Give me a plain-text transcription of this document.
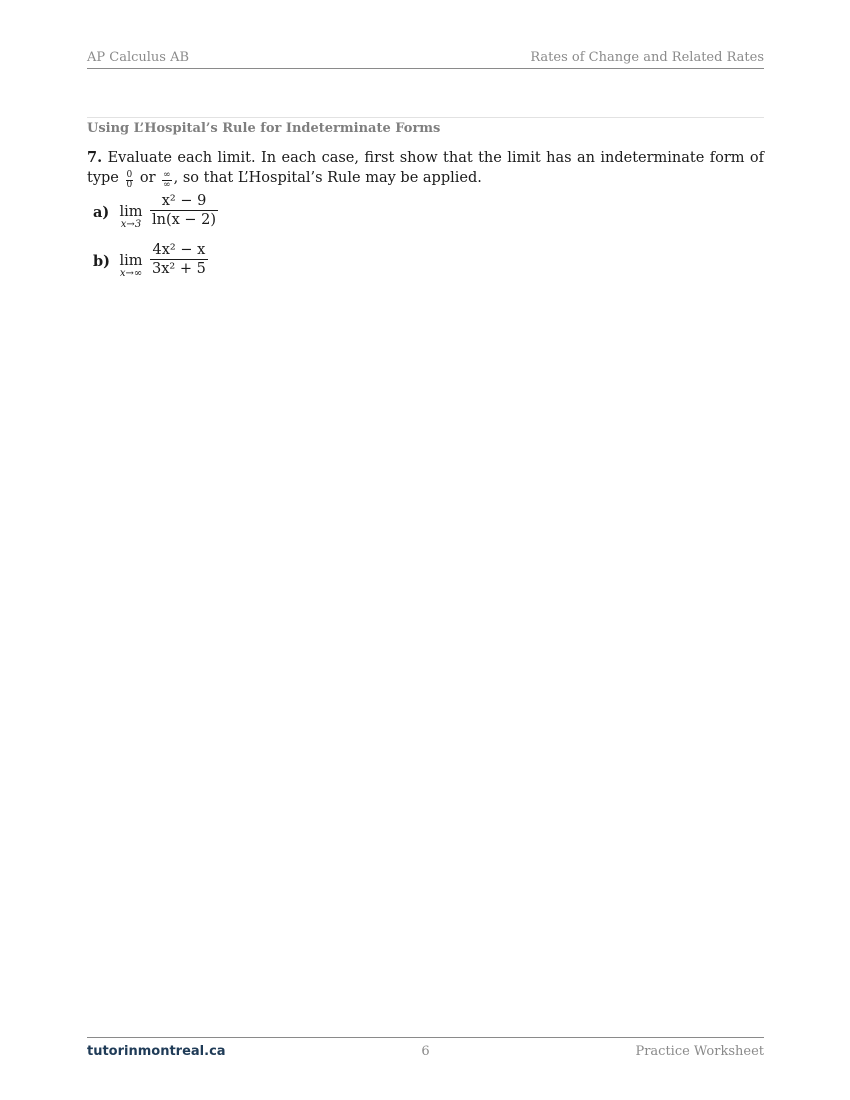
AP Calculus AB	Rates of Change and Related Rates
Using L’Hospital’s Rule for Indeterminate Forms
7. Evaluate each limit. In each case, first show that the limit has an indeterminate form of type $\frac{0}{0}$ or $\frac{\infty}{\infty}$ , so that L’Hospital’s Rule may be applied.
a) lim
$x\to 3 \frac{\text{x² − 9}}{\ln(x - 2)}$
b) lim
$x\to\infty \frac{\text{4x² − x}}{\text{3x² + 5}}$
tutorinmontreal.ca	6	Practice Worksheet
